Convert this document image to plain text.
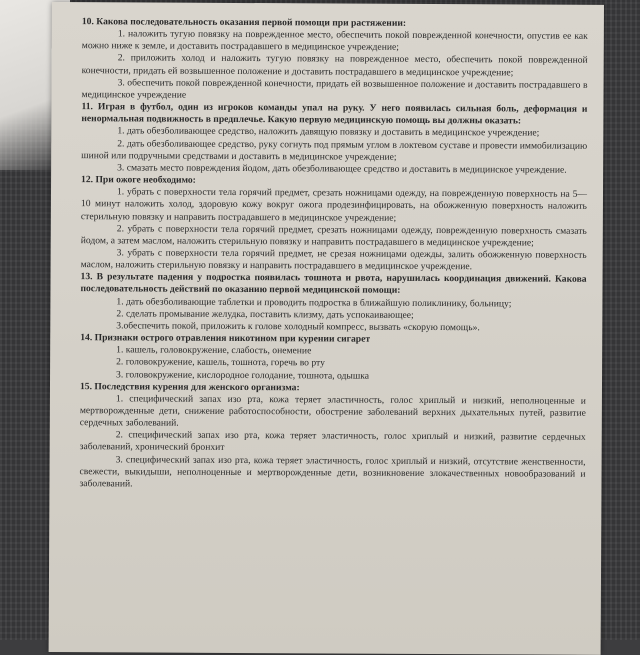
10. Какова последовательность оказания первой помощи при растяжении:

1. наложить тугую повязку на поврежденное место, обеспечить покой поврежденной конечности, опустив ее как можно ниже к земле, и доставить пострадавшего в медицинское учреждение;

2. приложить холод и наложить тугую повязку на поврежденное место, обеспечить покой поврежденной конечности, придать ей возвышенное положение и доставить пострадавшего в медицинское учреждение;

3. обеспечить покой поврежденной конечности, придать ей возвышенное положение и доставить пострадавшего в медицинское учреждение

11. Играя в футбол, один из игроков команды упал на руку. У него появилась сильная боль, деформация и ненормальная подвижность в предплечье. Какую первую медицинскую помощь вы должны оказать:

1. дать обезболивающее средство, наложить давящую повязку и доставить в медицинское учреждение;

2. дать обезболивающее средство, руку согнуть под прямым углом в локтевом суставе и провести иммобилизацию шиной или подручными средствами и доставить в медицинское учреждение;

3. смазать место повреждения йодом, дать обезболивающее средство и доставить в медицинское учреждение.

12. При ожоге необходимо:

1. убрать с поверхности тела горячий предмет, срезать ножницами одежду, на поврежденную поверхность на 5—10 минут наложить холод, здоровую кожу вокруг ожога продезинфицировать, на обожженную поверхность наложить стерильную повязку и направить пострадавшего в медицинское учреждение;

2. убрать с поверхности тела горячий предмет, срезать ножницами одежду, поврежденную поверхность смазать йодом, а затем маслом, наложить стерильную повязку и направить пострадавшего в медицинское учреждение;

3. убрать с поверхности тела горячий предмет, не срезая ножницами одежды, залить обожженную поверхность маслом, наложить стерильную повязку и направить пострадавшего в медицинское учреждение.

13. В результате падения у подростка появилась тошнота и рвота, нарушилась координация движений. Какова последовательность действий по оказанию первой медицинской помощи:

1. дать обезболивающие таблетки и проводить подростка в ближайшую поликлинику, больницу;

2. сделать промывание желудка, поставить клизму, дать успокаивающее;

3.обеспечить покой, приложить к голове холодный компресс, вызвать «скорую помощь».

14. Признаки острого отравления никотином при курении сигарет

1. кашель, головокружение, слабость, онемение

2. головокружение, кашель, тошнота, горечь во рту

3. головокружение, кислородное голодание, тошнота, одышка

15. Последствия курения для женского организма:

1. специфический запах изо рта, кожа теряет эластичность, голос хриплый и низкий, неполноценные и мертворожденные дети, снижение работоспособности, обострение заболеваний верхних дыхательных путей, развитие сердечных заболеваний.

2. специфический запах изо рта, кожа теряет эластичность, голос хриплый и низкий, развитие сердечных заболеваний, хронический бронхит

3. специфический запах изо рта, кожа теряет эластичность, голос хриплый и низкий, отсутствие женственности, свежести, выкидыши, неполноценные и мертворожденные дети, возникновение злокачественных новообразований и заболеваний.
